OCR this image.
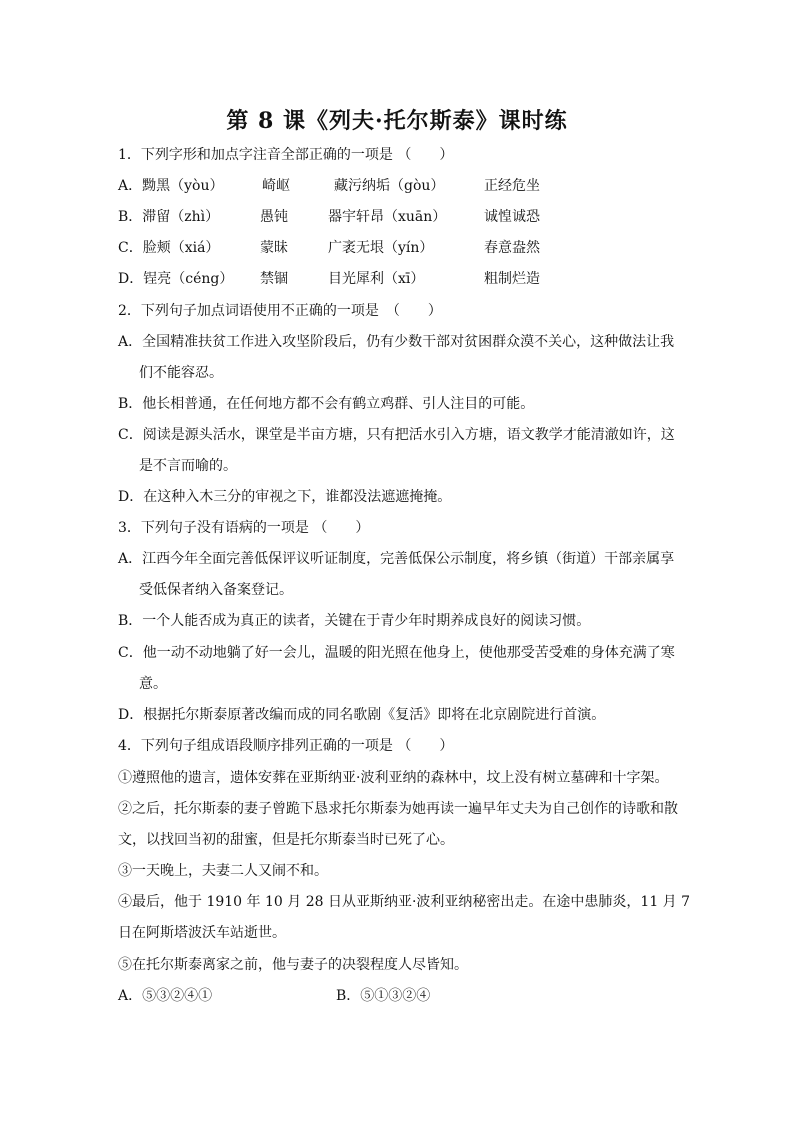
第 8 课《列夫·托尔斯泰》课时练
1．下列字形和加点字注音全部正确的一项是 （　　）
A．黝黑（yòu）	崎岖	藏污纳垢（gòu）	正经危坐
B．滞留（zhì）	愚钝	器宇轩昂（xuān）	诚惶诚恐
C．脸颊（xiá）	蒙昧	广袤无垠（yín）	春意盎然
D．锃亮（céng） 禁锢	目光犀利（xī）	粗制烂造
2．下列句子加点词语使用不正确的一项是　（　　）
A．全国精准扶贫工作进入攻坚阶段后，仍有少数干部对贫困群众漠不关心，这种做法让我
们不能容忍。
B．他长相普通，在任何地方都不会有鹤立鸡群、引人注目的可能。
C．阅读是源头活水，课堂是半亩方塘，只有把活水引入方塘，语文教学才能清澈如许，这
是不言而喻的。
D．在这种入木三分的审视之下，谁都没法遮遮掩掩。
3．下列句子没有语病的一项是 （　　）
A．江西今年全面完善低保评议听证制度，完善低保公示制度，将乡镇（街道）干部亲属享
受低保者纳入备案登记。
B．一个人能否成为真正的读者，关键在于青少年时期养成良好的阅读习惯。
C．他一动不动地躺了好一会儿，温暖的阳光照在他身上，使他那受苦受难的身体充满了寒
意。
D．根据托尔斯泰原著改编而成的同名歌剧《复活》即将在北京剧院进行首演。
4．下列句子组成语段顺序排列正确的一项是 （　　）
①遵照他的遗言，遗体安葬在亚斯纳亚·波利亚纳的森林中，坟上没有树立墓碑和十字架。
②之后，托尔斯泰的妻子曾跪下恳求托尔斯泰为她再读一遍早年丈夫为自己创作的诗歌和散
文，以找回当初的甜蜜，但是托尔斯泰当时已死了心。
③一天晚上，夫妻二人又闹不和。
④最后，他于 1910 年 10 月 28 日从亚斯纳亚·波利亚纳秘密出走。在途中患肺炎，11 月 7
日在阿斯塔波沃车站逝世。
⑤在托尔斯泰离家之前，他与妻子的决裂程度人尽皆知。
A．⑤③②④①	B．⑤①③②④
